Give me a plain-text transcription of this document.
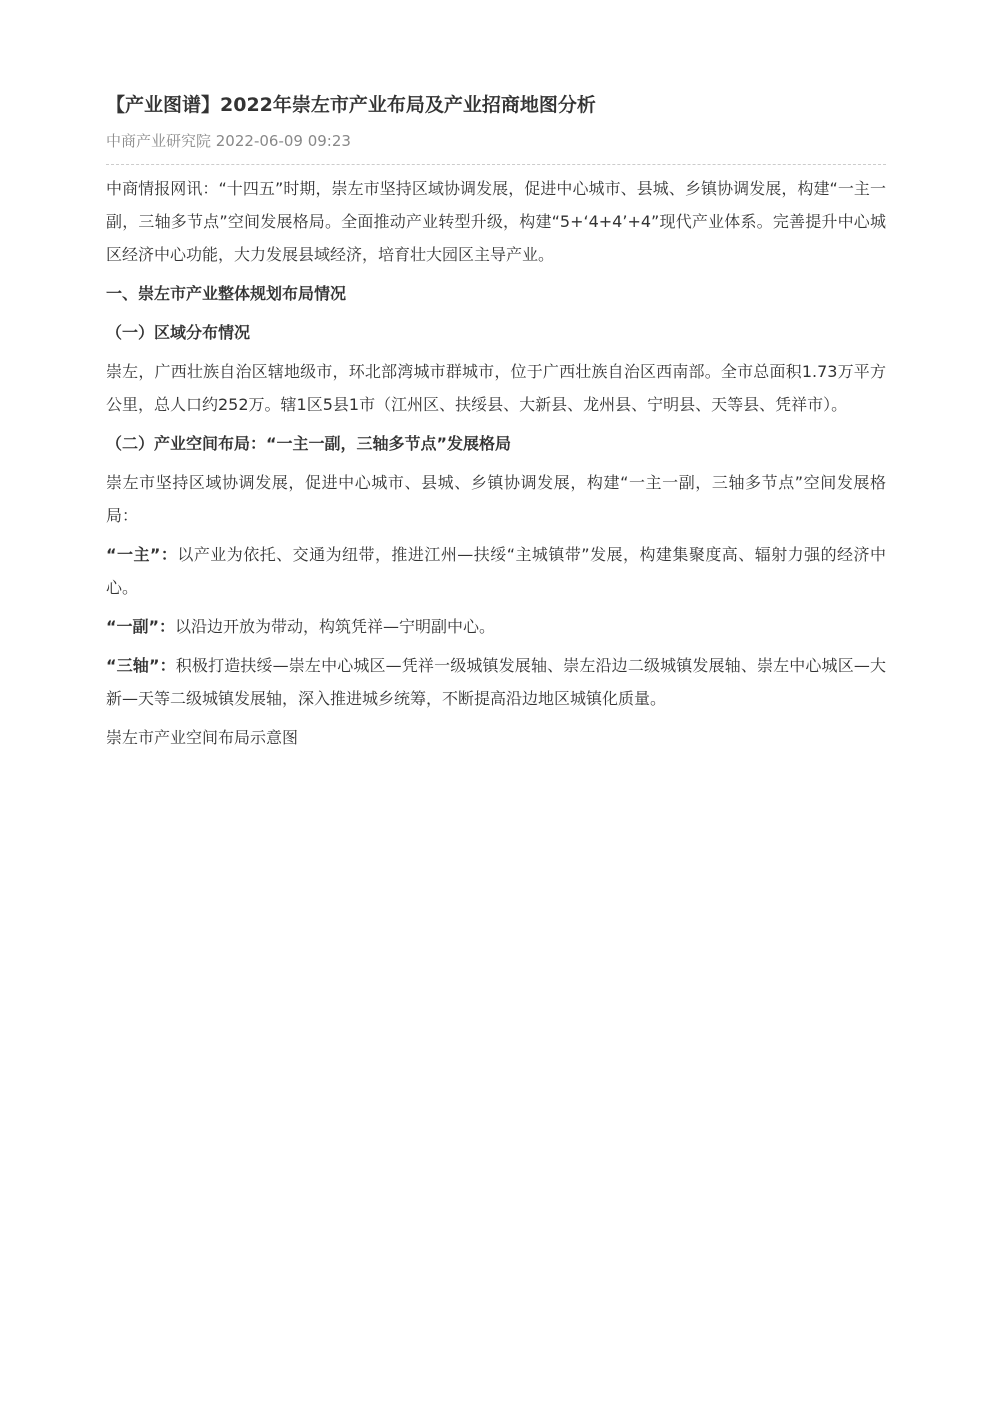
【产业图谱】2022年崇左市产业布局及产业招商地图分析
中商产业研究院 2022-06-09 09:23

中商情报网讯：“十四五”时期，崇左市坚持区域协调发展，促进中心城市、县城、乡镇协调发展，构建“一主一副，三轴多节点”空间发展格局。全面推动产业转型升级，构建“5+‘4+4’+4”现代产业体系。完善提升中心城区经济中心功能，大力发展县域经济，培育壮大园区主导产业。

一、崇左市产业整体规划布局情况
（一）区域分布情况

崇左，广西壮族自治区辖地级市，环北部湾城市群城市，位于广西壮族自治区西南部。全市总面积1.73万平方公里，总人口约252万。辖1区5县1市（江州区、扶绥县、大新县、龙州县、宁明县、天等县、凭祥市）。

（二）产业空间布局：“一主一副，三轴多节点”发展格局

崇左市坚持区域协调发展，促进中心城市、县城、乡镇协调发展，构建“一主一副，三轴多节点”空间发展格局：

“一主”：以产业为依托、交通为纽带，推进江州—扶绥“主城镇带”发展，构建集聚度高、辐射力强的经济中心。

“一副”：以沿边开放为带动，构筑凭祥—宁明副中心。

“三轴”：积极打造扶绥—崇左中心城区—凭祥一级城镇发展轴、崇左沿边二级城镇发展轴、崇左中心城区—大新—天等二级城镇发展轴，深入推进城乡统筹，不断提高沿边地区城镇化质量。

崇左市产业空间布局示意图
